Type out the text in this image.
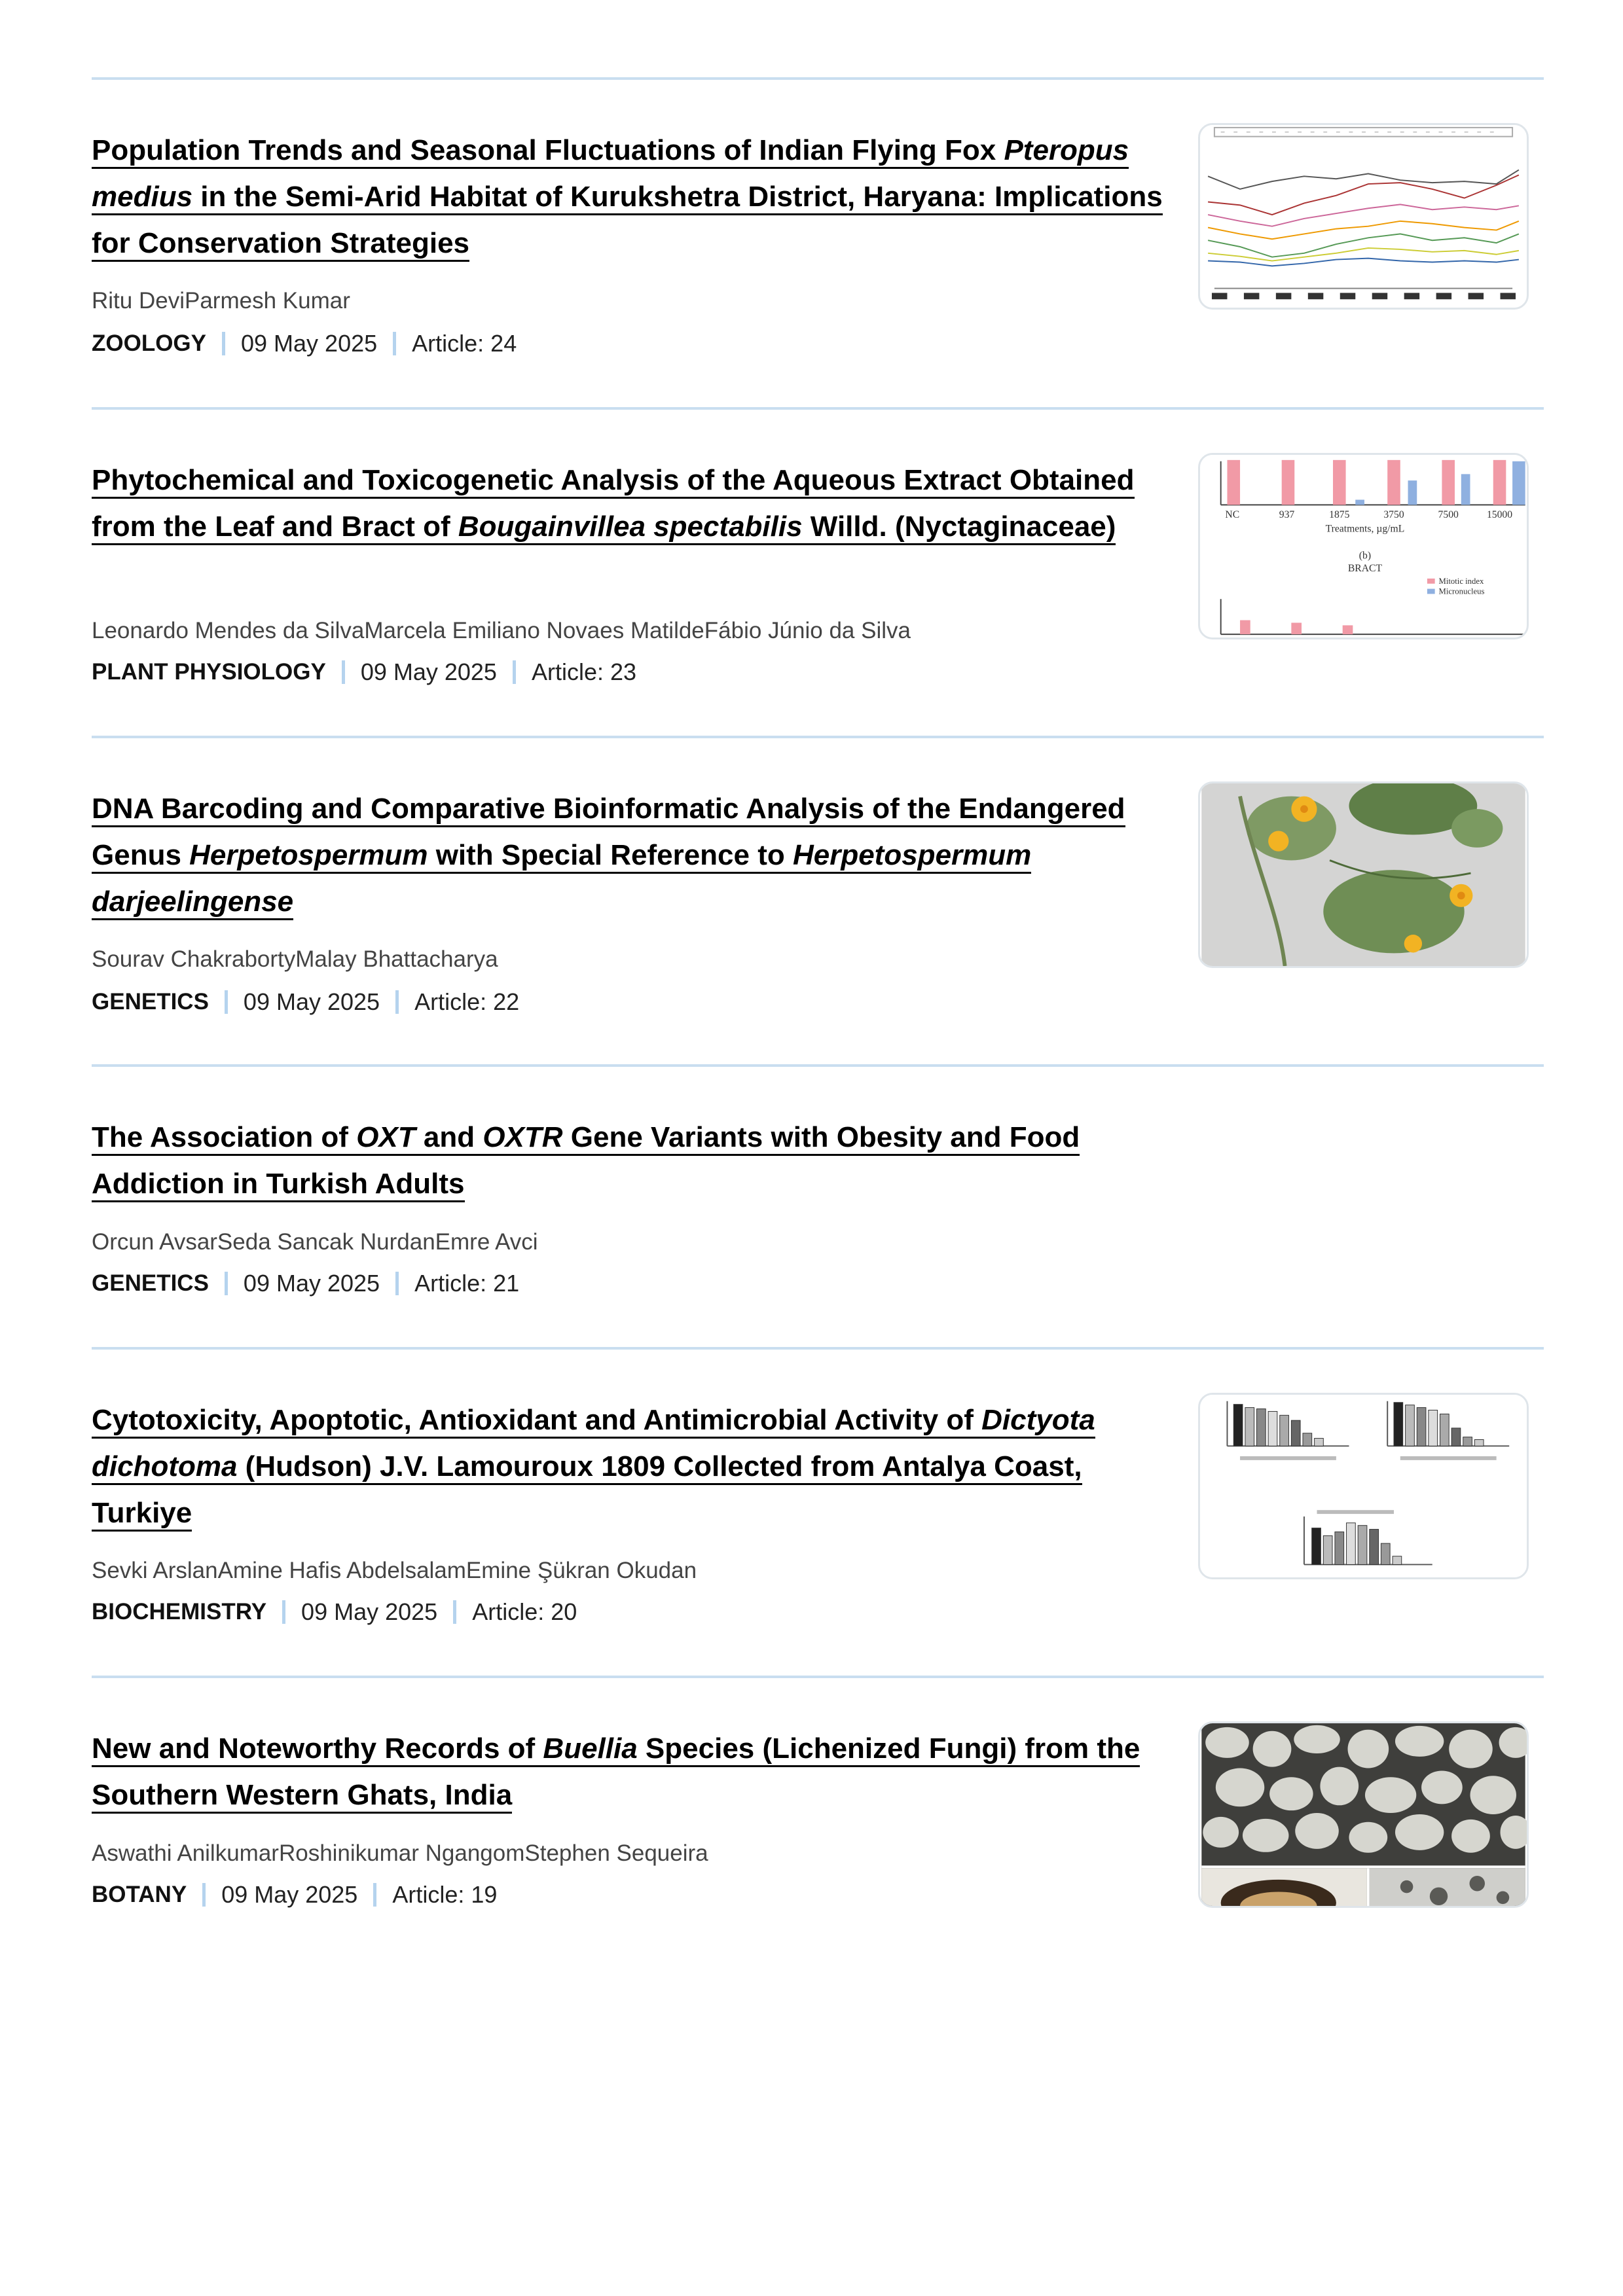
Population Trends and Seasonal Fluctuations of Indian Flying Fox Pteropus medius in the Semi-Arid Habitat of Kurukshetra District, Haryana: Implications for Conservation Strategies

Ritu DeviParmesh Kumar

ZOOLOGY 09 May 2025 Article: 24

Phytochemical and Toxicogenetic Analysis of the Aqueous Extract Obtained from the Leaf and Bract of Bougainvillea spectabilis Willd. (Nyctaginaceae)

Leonardo Mendes da SilvaMarcela Emiliano Novaes MatildeFábio Júnio da Silva

PLANT PHYSIOLOGY 09 May 2025 Article: 23

NC	937	1875	3750	7500	15000
Treatments, µg/mL
(b)
BRACT
Mitotic index
Micronucleus
DNA Barcoding and Comparative Bioinformatic Analysis of the Endangered Genus Herpetospermum with Special Reference to Herpetospermum darjeelingense

Sourav ChakrabortyMalay Bhattacharya

GENETICS 09 May 2025 Article: 22

The Association of OXT and OXTR Gene Variants with Obesity and Food Addiction in Turkish Adults

Orcun AvsarSeda Sancak NurdanEmre Avci

GENETICS 09 May 2025 Article: 21

Cytotoxicity, Apoptotic, Antioxidant and Antimicrobial Activity of Dictyota dichotoma (Hudson) J.V. Lamouroux 1809 Collected from Antalya Coast, Turkiye

Sevki ArslanAmine Hafis AbdelsalamEmine Şükran Okudan

BIOCHEMISTRY 09 May 2025 Article: 20

New and Noteworthy Records of Buellia Species (Lichenized Fungi) from the Southern Western Ghats, India

Aswathi AnilkumarRoshinikumar NgangomStephen Sequeira

BOTANY 09 May 2025 Article: 19
